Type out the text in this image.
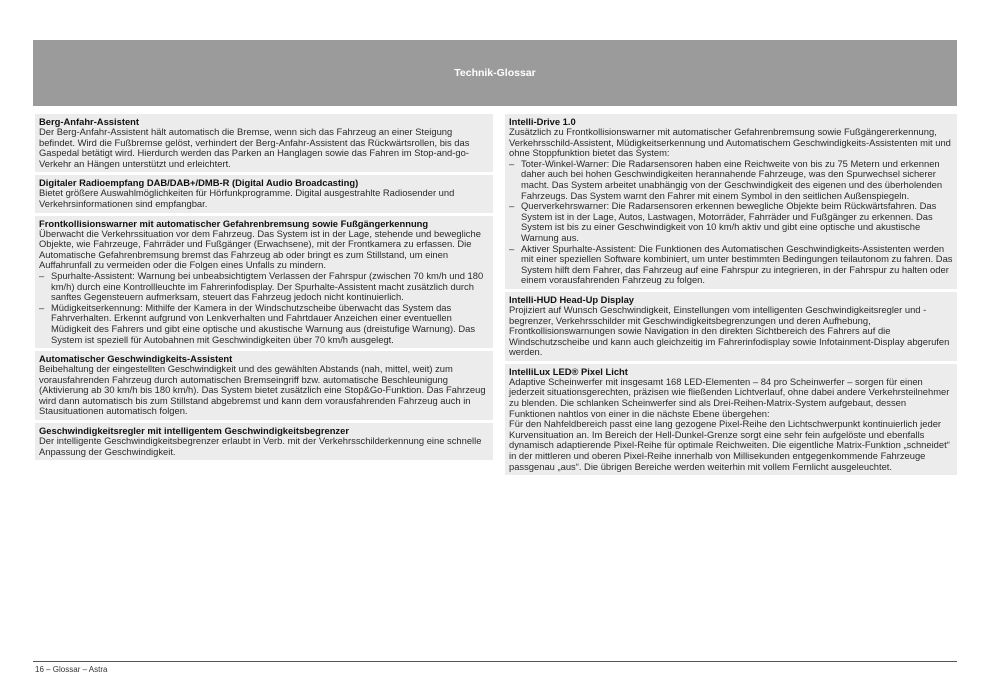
Technik-Glossar
Berg-Anfahr-Assistent

Der Berg-Anfahr-Assistent hält automatisch die Bremse, wenn sich das Fahrzeug an einer Steigung befindet. Wird die Fußbremse gelöst, verhindert der Berg-Anfahr-Assistent das Rückwärtsrollen, bis das Gaspedal betätigt wird. Hierdurch werden das Parken an Hanglagen sowie das Fahren im Stop-and-go-Verkehr an Hängen unterstützt und erleichtert.

Digitaler Radioempfang DAB/DAB+/DMB-R (Digital Audio Broadcasting)

Bietet größere Auswahlmöglichkeiten für Hörfunkprogramme. Digital ausgestrahlte Radiosender und Verkehrsinformationen sind empfangbar.

Frontkollisionswarner mit automatischer Gefahrenbremsung sowie Fußgängerkennung

Überwacht die Verkehrssituation vor dem Fahrzeug. Das System ist in der Lage, stehende und bewegliche Objekte, wie Fahrzeuge, Fahrräder und Fußgänger (Erwachsene), mit der Frontkamera zu erfassen. Die Automatische Gefahrenbremsung bremst das Fahrzeug ab oder bringt es zum Stillstand, um einen Auffahrunfall zu vermeiden oder die Folgen eines Unfalls zu mindern.

– Spurhalte-Assistent: Warnung bei unbeabsichtigtem Verlassen der Fahrspur (zwischen 70 km/h und 180 km/h) durch eine Kontrollleuchte im Fahrerinfodisplay. Der Spurhalte-Assistent macht zusätzlich durch sanftes Gegensteuern aufmerksam, steuert das Fahrzeug jedoch nicht kontinuierlich.
– Müdigkeitserkennung: Mithilfe der Kamera in der Windschutzscheibe überwacht das System das Fahrverhalten. Erkennt aufgrund von Lenkverhalten und Fahrtdauer Anzeichen einer eventuellen Müdigkeit des Fahrers und gibt eine optische und akustische Warnung aus (dreistufige Warnung). Das System ist speziell für Autobahnen mit Geschwindigkeiten über 70 km/h ausgelegt.
Automatischer Geschwindigkeits-Assistent

Beibehaltung der eingestellten Geschwindigkeit und des gewählten Abstands (nah, mittel, weit) zum vorausfahrenden Fahrzeug durch automatischen Bremseingriff bzw. automatische Beschleunigung (Aktivierung ab 30 km/h bis 180 km/h). Das System bietet zusätzlich eine Stop&Go-Funktion. Das Fahrzeug wird dann automatisch bis zum Stillstand abgebremst und kann dem vorausfahrenden Fahrzeug auch in Stausituationen automatisch folgen.

Geschwindigkeitsregler mit intelligentem Geschwindigkeitsbegrenzer

Der intelligente Geschwindigkeitsbegrenzer erlaubt in Verb. mit der Verkehrsschilderkennung eine schnelle Anpassung der Geschwindigkeit.

Intelli-Drive 1.0

Zusätzlich zu Frontkollisionswarner mit automatischer Gefahrenbremsung sowie Fußgängererkennung, Verkehrsschild-Assistent, Müdigkeitserkennung und Automatischem Geschwindigkeits-Assistenten mit und ohne Stoppfunktion bietet das System:

– Toter-Winkel-Warner: Die Radarsensoren haben eine Reichweite von bis zu 75 Metern und erkennen daher auch bei hohen Geschwindigkeiten herannahende Fahrzeuge, was den Spurwechsel sicherer macht. Das System arbeitet unabhängig von der Geschwindigkeit des eigenen und des überholenden Fahrzeugs. Das System warnt den Fahrer mit einem Symbol in den seitlichen Außenspiegeln.
– Querverkehrswarner: Die Radarsensoren erkennen bewegliche Objekte beim Rückwärtsfahren. Das System ist in der Lage, Autos, Lastwagen, Motorräder, Fahrräder und Fußgänger zu erkennen. Das System ist bis zu einer Geschwindigkeit von 10 km/h aktiv und gibt eine optische und akustische Warnung aus.
– Aktiver Spurhalte-Assistent: Die Funktionen des Automatischen Geschwindigkeits-Assistenten werden mit einer speziellen Software kombiniert, um unter bestimmten Bedingungen teilautonom zu fahren. Das System hilft dem Fahrer, das Fahrzeug auf eine Fahrspur zu integrieren, in der Fahrspur zu halten oder einem vorausfahrenden Fahrzeug zu folgen.
Intelli-HUD Head-Up Display

Projiziert auf Wunsch Geschwindigkeit, Einstellungen vom intelligenten Geschwindigkeitsregler und -begrenzer, Verkehrsschilder mit Geschwindigkeitsbegrenzungen und deren Aufhebung, Frontkollisionswarnungen sowie Navigation in den direkten Sichtbereich des Fahrers auf die Windschutzscheibe und kann auch gleichzeitig im Fahrerinfodisplay sowie Infotainment-Display abgerufen werden.

IntelliLux LED® Pixel Licht

Adaptive Scheinwerfer mit insgesamt 168 LED-Elementen – 84 pro Scheinwerfer – sorgen für einen jederzeit situationsgerechten, präzisen wie fließenden Lichtverlauf, ohne dabei andere Verkehrsteilnehmer zu blenden. Die schlanken Scheinwerfer sind als Drei-Reihen-Matrix-System aufgebaut, dessen Funktionen nahtlos von einer in die nächste Ebene übergehen:

Für den Nahfeldbereich passt eine lang gezogene Pixel-Reihe den Lichtschwerpunkt kontinuierlich jeder Kurvensituation an. Im Bereich der Hell-Dunkel-Grenze sorgt eine sehr fein aufgelöste und ebenfalls dynamisch adaptierende Pixel-Reihe für optimale Reichweiten. Die eigentliche Matrix-Funktion „schneidet“ in der mittleren und oberen Pixel-Reihe innerhalb von Millisekunden entgegenkommende Fahrzeuge passgenau „aus“. Die übrigen Bereiche werden weiterhin mit vollem Fernlicht ausgeleuchtet.

16 – Glossar – Astra
